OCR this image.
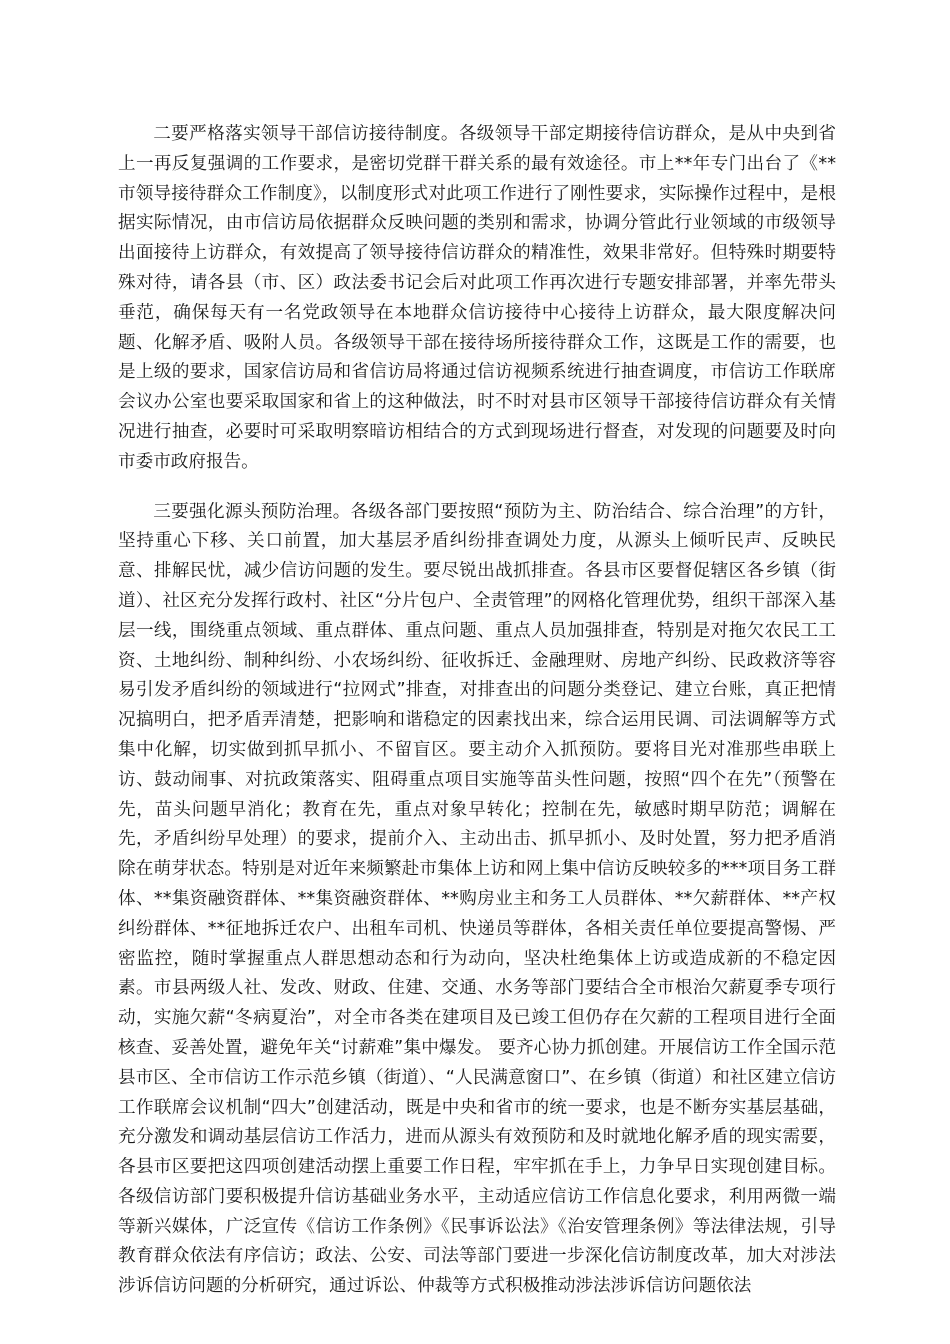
二要严格落实领导干部信访接待制度。各级领导干部定期接待信访群众，是从中央到省上一再反复强调的工作要求，是密切党群干群关系的最有效途径。市上**年专门出台了《**市领导接待群众工作制度》，以制度形式对此项工作进行了刚性要求，实际操作过程中，是根据实际情况，由市信访局依据群众反映问题的类别和需求，协调分管此行业领域的市级领导出面接待上访群众，有效提高了领导接待信访群众的精准性，效果非常好。但特殊时期要特殊对待，请各县（市、区）政法委书记会后对此项工作再次进行专题安排部署，并率先带头垂范，确保每天有一名党政领导在本地群众信访接待中心接待上访群众，最大限度解决问题、化解矛盾、吸附人员。各级领导干部在接待场所接待群众工作，这既是工作的需要，也是上级的要求，国家信访局和省信访局将通过信访视频系统进行抽查调度，市信访工作联席会议办公室也要采取国家和省上的这种做法，时不时对县市区领导干部接待信访群众有关情况进行抽查，必要时可采取明察暗访相结合的方式到现场进行督查，对发现的问题要及时向市委市政府报告。

三要强化源头预防治理。各级各部门要按照“预防为主、防治结合、综合治理”的方针，坚持重心下移、关口前置，加大基层矛盾纠纷排查调处力度，从源头上倾听民声、反映民意、排解民忧，减少信访问题的发生。要尽锐出战抓排查。各县市区要督促辖区各乡镇（街道）、社区充分发挥行政村、社区“分片包户、全责管理”的网格化管理优势，组织干部深入基层一线，围绕重点领域、重点群体、重点问题、重点人员加强排查，特别是对拖欠农民工工资、土地纠纷、制种纠纷、小农场纠纷、征收拆迁、金融理财、房地产纠纷、民政救济等容易引发矛盾纠纷的领域进行“拉网式”排查，对排查出的问题分类登记、建立台账，真正把情况搞明白，把矛盾弄清楚，把影响和谐稳定的因素找出来，综合运用民调、司法调解等方式集中化解，切实做到抓早抓小、不留盲区。要主动介入抓预防。要将目光对准那些串联上访、鼓动闹事、对抗政策落实、阻碍重点项目实施等苗头性问题，按照“四个在先”（预警在先，苗头问题早消化；教育在先，重点对象早转化；控制在先，敏感时期早防范；调解在先，矛盾纠纷早处理）的要求，提前介入、主动出击、抓早抓小、及时处置，努力把矛盾消除在萌芽状态。特别是对近年来频繁赴市集体上访和网上集中信访反映较多的***项目务工群体、**集资融资群体、**集资融资群体、**购房业主和务工人员群体、**欠薪群体、**产权纠纷群体、**征地拆迁农户、出租车司机、快递员等群体，各相关责任单位要提高警惕、严密监控，随时掌握重点人群思想动态和行为动向，坚决杜绝集体上访或造成新的不稳定因素。市县两级人社、发改、财政、住建、交通、水务等部门要结合全市根治欠薪夏季专项行动，实施欠薪“冬病夏治”，对全市各类在建项目及已竣工但仍存在欠薪的工程项目进行全面核查、妥善处置，避免年关“讨薪难”集中爆发。 要齐心协力抓创建。开展信访工作全国示范县市区、全市信访工作示范乡镇（街道）、“人民满意窗口”、在乡镇（街道）和社区建立信访工作联席会议机制“四大”创建活动，既是中央和省市的统一要求，也是不断夯实基层基础，充分激发和调动基层信访工作活力，进而从源头有效预防和及时就地化解矛盾的现实需要，各县市区要把这四项创建活动摆上重要工作日程，牢牢抓在手上，力争早日实现创建目标。各级信访部门要积极提升信访基础业务水平，主动适应信访工作信息化要求，利用两微一端等新兴媒体，广泛宣传《信访工作条例》《民事诉讼法》《治安管理条例》等法律法规，引导教育群众依法有序信访；政法、公安、司法等部门要进一步深化信访制度改革，加大对涉法涉诉信访问题的分析研究，通过诉讼、仲裁等方式积极推动涉法涉诉信访问题依法
